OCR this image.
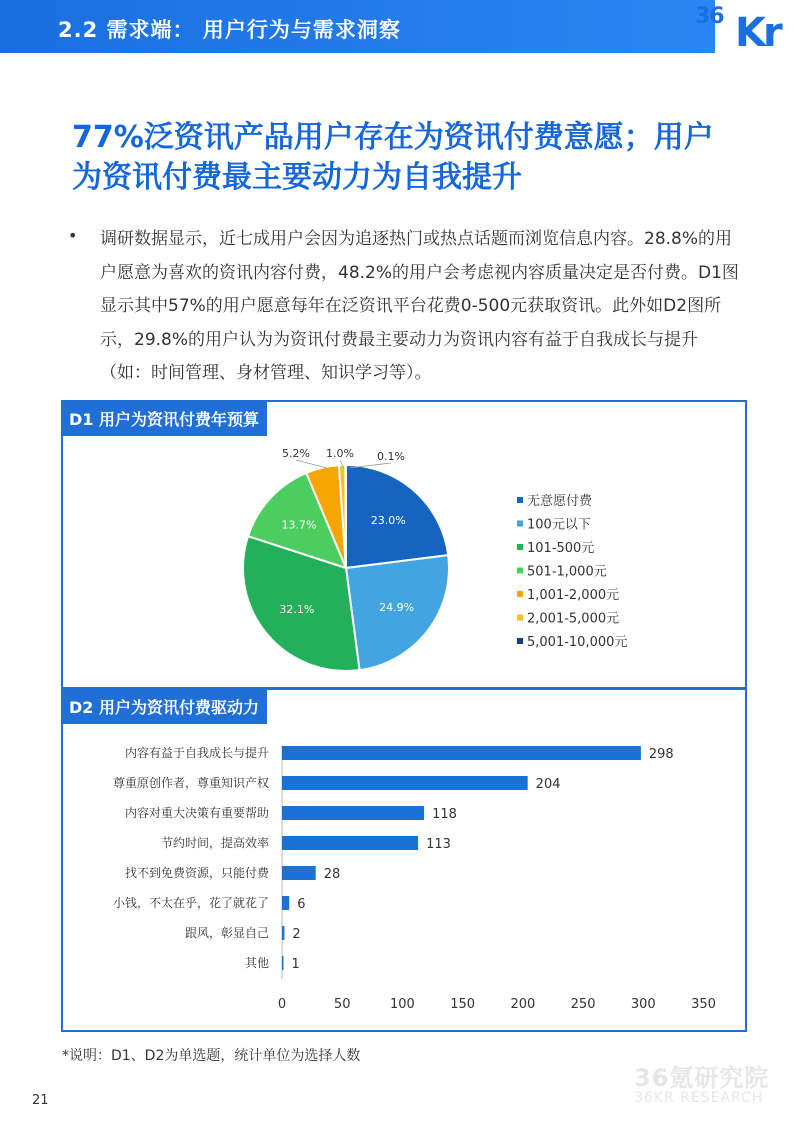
2.2 需求端： 用户行为与需求洞察
36 Kr
77%泛资讯产品用户存在为资讯付费意愿；用户为资讯付费最主要动力为自我提升
• 调研数据显示，近七成用户会因为追逐热门或热点话题而浏览信息内容。28.8%的用户愿意为喜欢的资讯内容付费，48.2%的用户会考虑视内容质量决定是否付费。D1图显示其中57%的用户愿意每年在泛资讯平台花费0-500元获取资讯。此外如D2图所示，29.8%的用户认为为资讯付费最主要动力为资讯内容有益于自我成长与提升（如：时间管理、身材管理、知识学习等）。
D1 用户为资讯付费年预算
23.0%
24.9%
32.1%
13.7%
5.2% 1.0% 0.1%
无意愿付费
100元以下
101-500元
501-1,000元
1,001-2,000元
2,001-5,000元
5,001-10,000元
D2 用户为资讯付费驱动力
内容有益于自我成长与提升	298
尊重原创作者，尊重知识产权	204
内容对重大决策有重要帮助	118
节约时间，提高效率	113
找不到免费资源，只能付费	28
小钱，不太在乎，花了就花了 6
跟风，彰显自己 2
其他 1
0	50	100	150	200	250	300	350
*说明：D1、D2为单选题，统计单位为选择人数
21
36氪研究院
36KR RESEARCH
